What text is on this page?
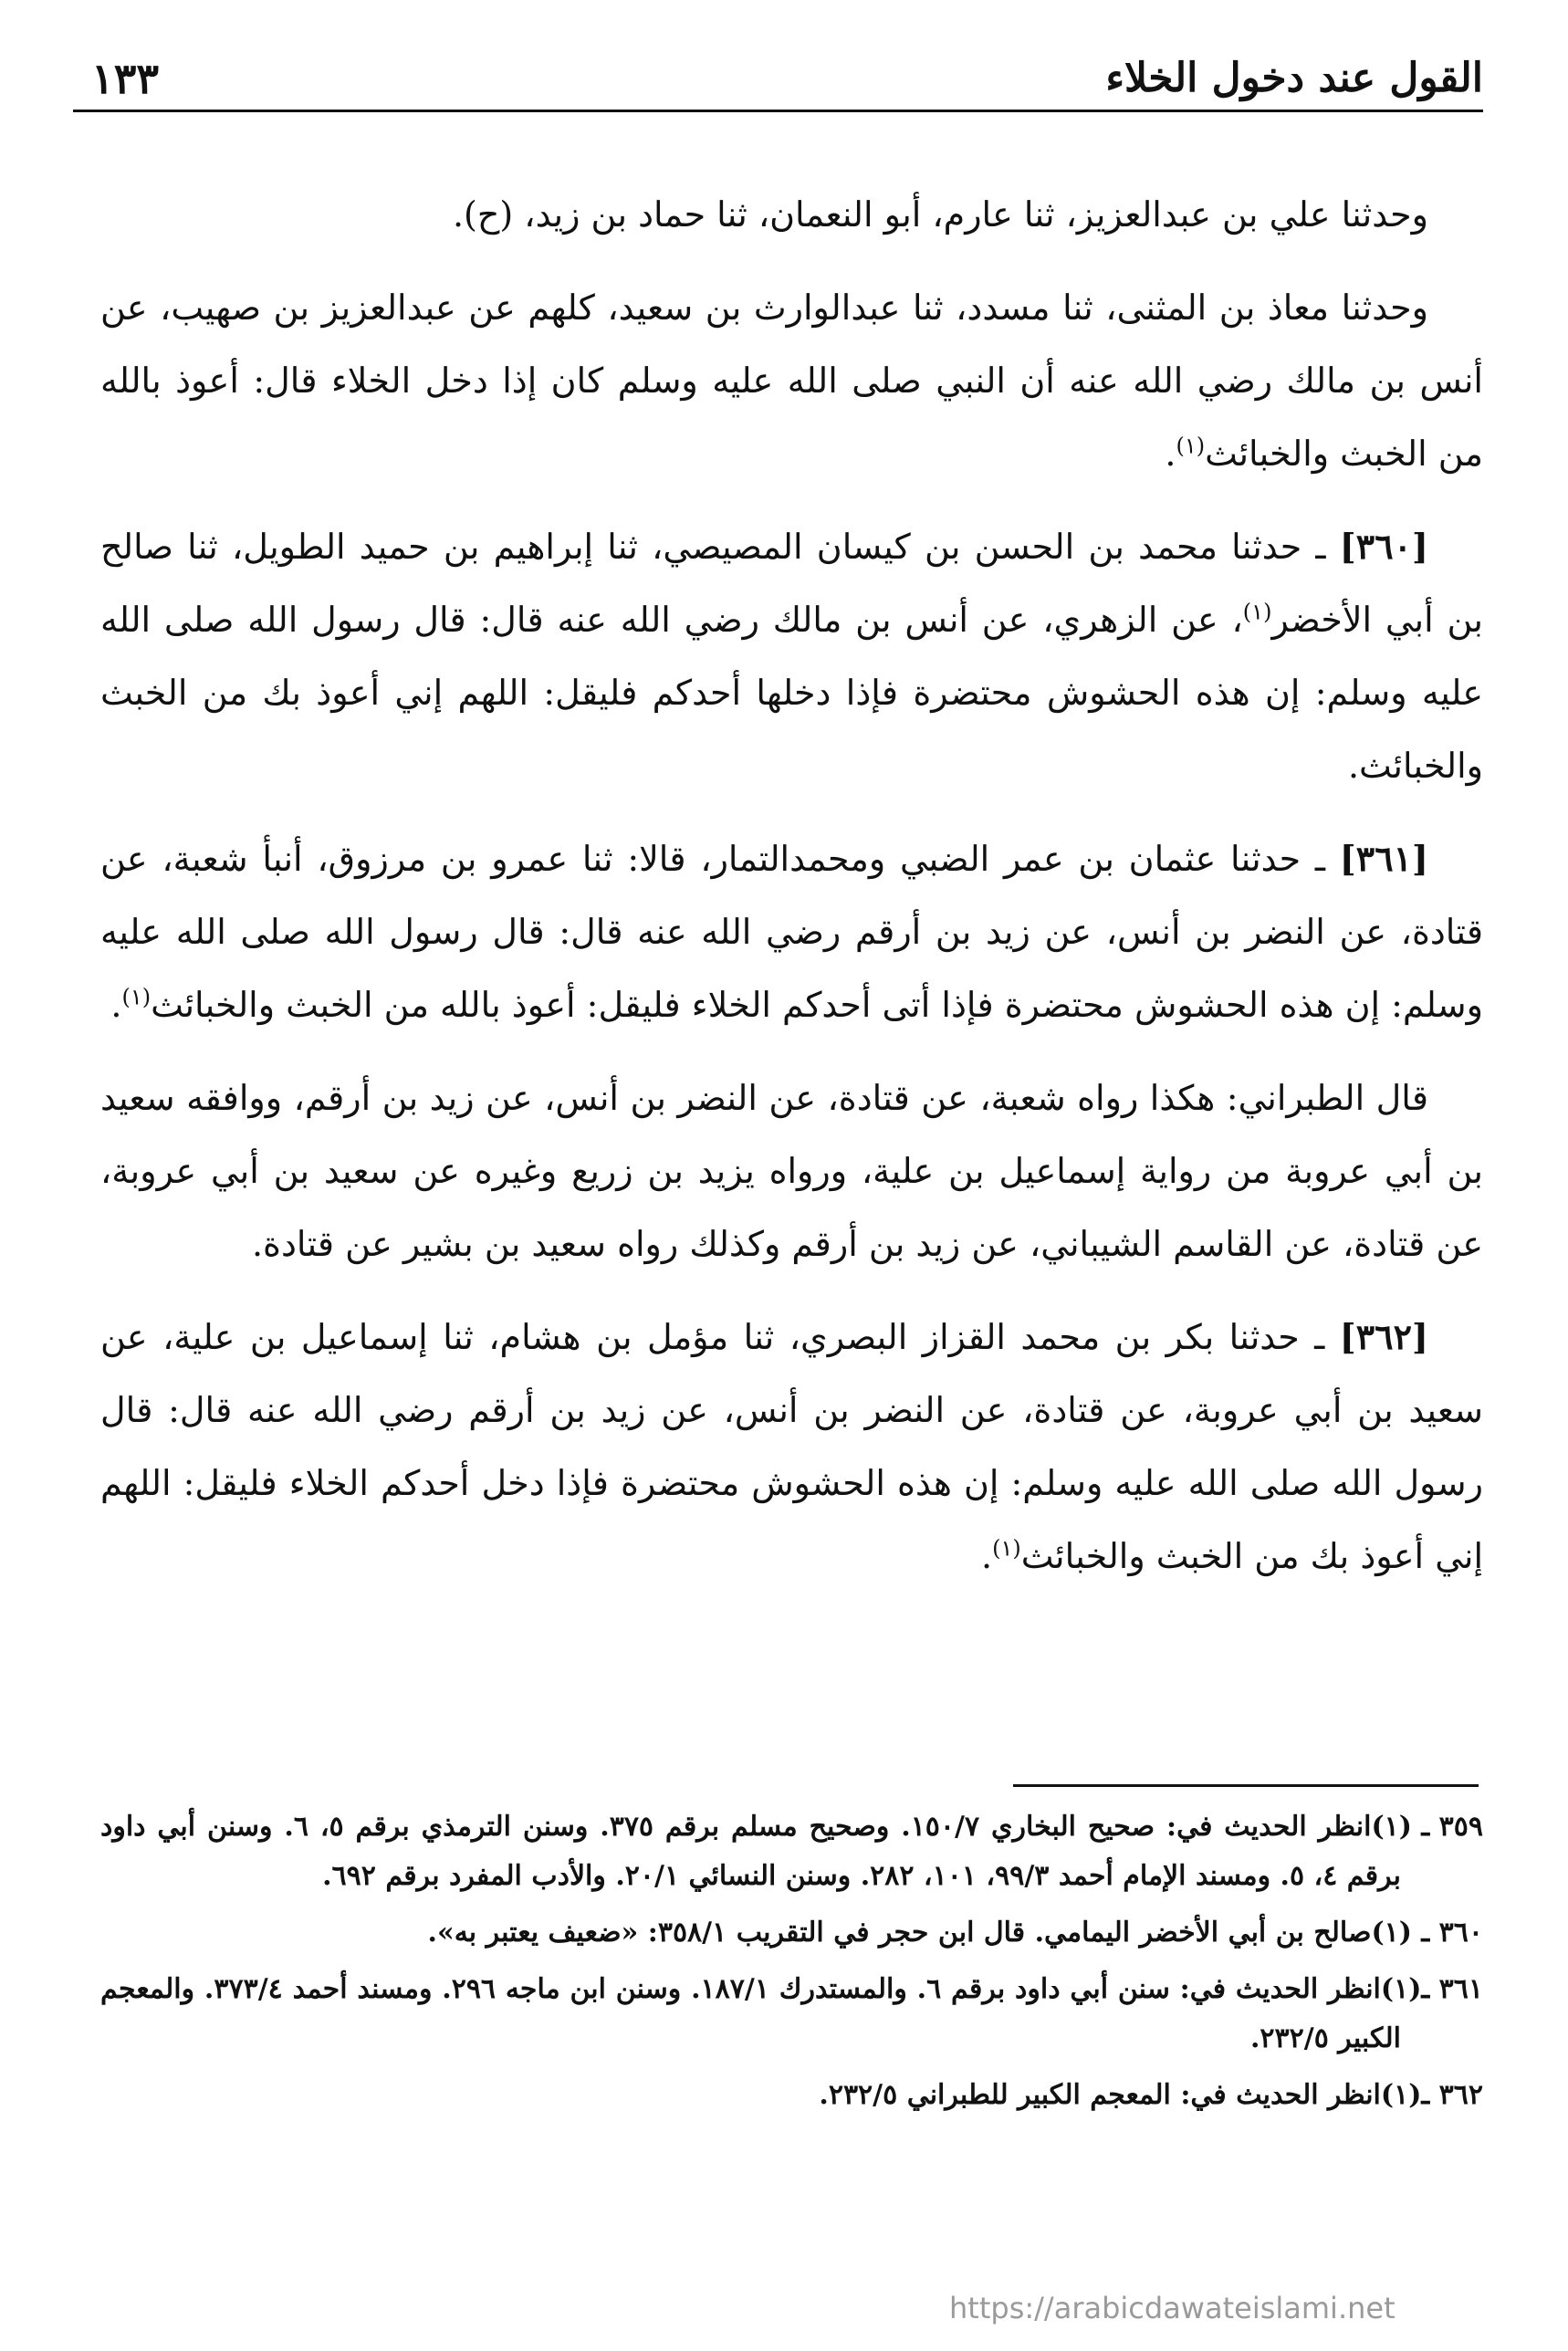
القول عند دخول الخلاء
١٣٣

وحدثنا علي بن عبدالعزيز، ثنا عارم، أبو النعمان، ثنا حماد بن زيد، (ح).

وحدثنا معاذ بن المثنى، ثنا مسدد، ثنا عبدالوارث بن سعيد، كلهم عن عبدالعزيز بن صهيب، عن أنس بن مالك رضي الله عنه أن النبي صلى الله عليه وسلم كان إذا دخل الخلاء قال: أعوذ بالله من الخبث والخبائث$^{(١)}$.

[٣٦٠] ـ حدثنا محمد بن الحسن بن كيسان المصيصي، ثنا إبراهيم بن حميد الطويل، ثنا صالح بن أبي الأخضر$^{(١)}$، عن الزهري، عن أنس بن مالك رضي الله عنه قال: قال رسول الله صلى الله عليه وسلم: إن هذه الحشوش محتضرة فإذا دخلها أحدكم فليقل: اللهم إني أعوذ بك من الخبث والخبائث.

[٣٦١] ـ حدثنا عثمان بن عمر الضبي ومحمدالتمار، قالا: ثنا عمرو بن مرزوق، أنبأ شعبة، عن قتادة، عن النضر بن أنس، عن زيد بن أرقم رضي الله عنه قال: قال رسول الله صلى الله عليه وسلم: إن هذه الحشوش محتضرة فإذا أتى أحدكم الخلاء فليقل: أعوذ بالله من الخبث والخبائث$^{(١)}$.

قال الطبراني: هكذا رواه شعبة، عن قتادة، عن النضر بن أنس، عن زيد بن أرقم، ووافقه سعيد بن أبي عروبة من رواية إسماعيل بن علية، ورواه يزيد بن زريع وغيره عن سعيد بن أبي عروبة، عن قتادة، عن القاسم الشيباني، عن زيد بن أرقم وكذلك رواه سعيد بن بشير عن قتادة.

[٣٦٢] ـ حدثنا بكر بن محمد القزاز البصري، ثنا مؤمل بن هشام، ثنا إسماعيل بن علية، عن سعيد بن أبي عروبة، عن قتادة، عن النضر بن أنس، عن زيد بن أرقم رضي الله عنه قال: قال رسول الله صلى الله عليه وسلم: إن هذه الحشوش محتضرة فإذا دخل أحدكم الخلاء فليقل: اللهم إني أعوذ بك من الخبث والخبائث$^{(١)}$.

٣٥٩ ـ (١)انظر الحديث في: صحيح البخاري ١٥٠/٧. وصحيح مسلم برقم ٣٧٥. وسنن الترمذي برقم ٥، ٦. وسنن أبي داود برقم ٤، ٥. ومسند الإمام أحمد ٩٩/٣، ١٠١، ٢٨٢. وسنن النسائي ٢٠/١. والأدب المفرد برقم ٦٩٢.

٣٦٠ ـ (١)صالح بن أبي الأخضر اليمامي. قال ابن حجر في التقريب ٣٥٨/١: «ضعيف يعتبر به».

٣٦١ ـ(١)انظر الحديث في: سنن أبي داود برقم ٦. والمستدرك ١٨٧/١. وسنن ابن ماجه ٢٩٦. ومسند أحمد ٣٧٣/٤. والمعجم الكبير ٢٣٢/٥.

٣٦٢ ـ(١)انظر الحديث في: المعجم الكبير للطبراني ٢٣٢/٥.

https://arabicdawateislami.net
